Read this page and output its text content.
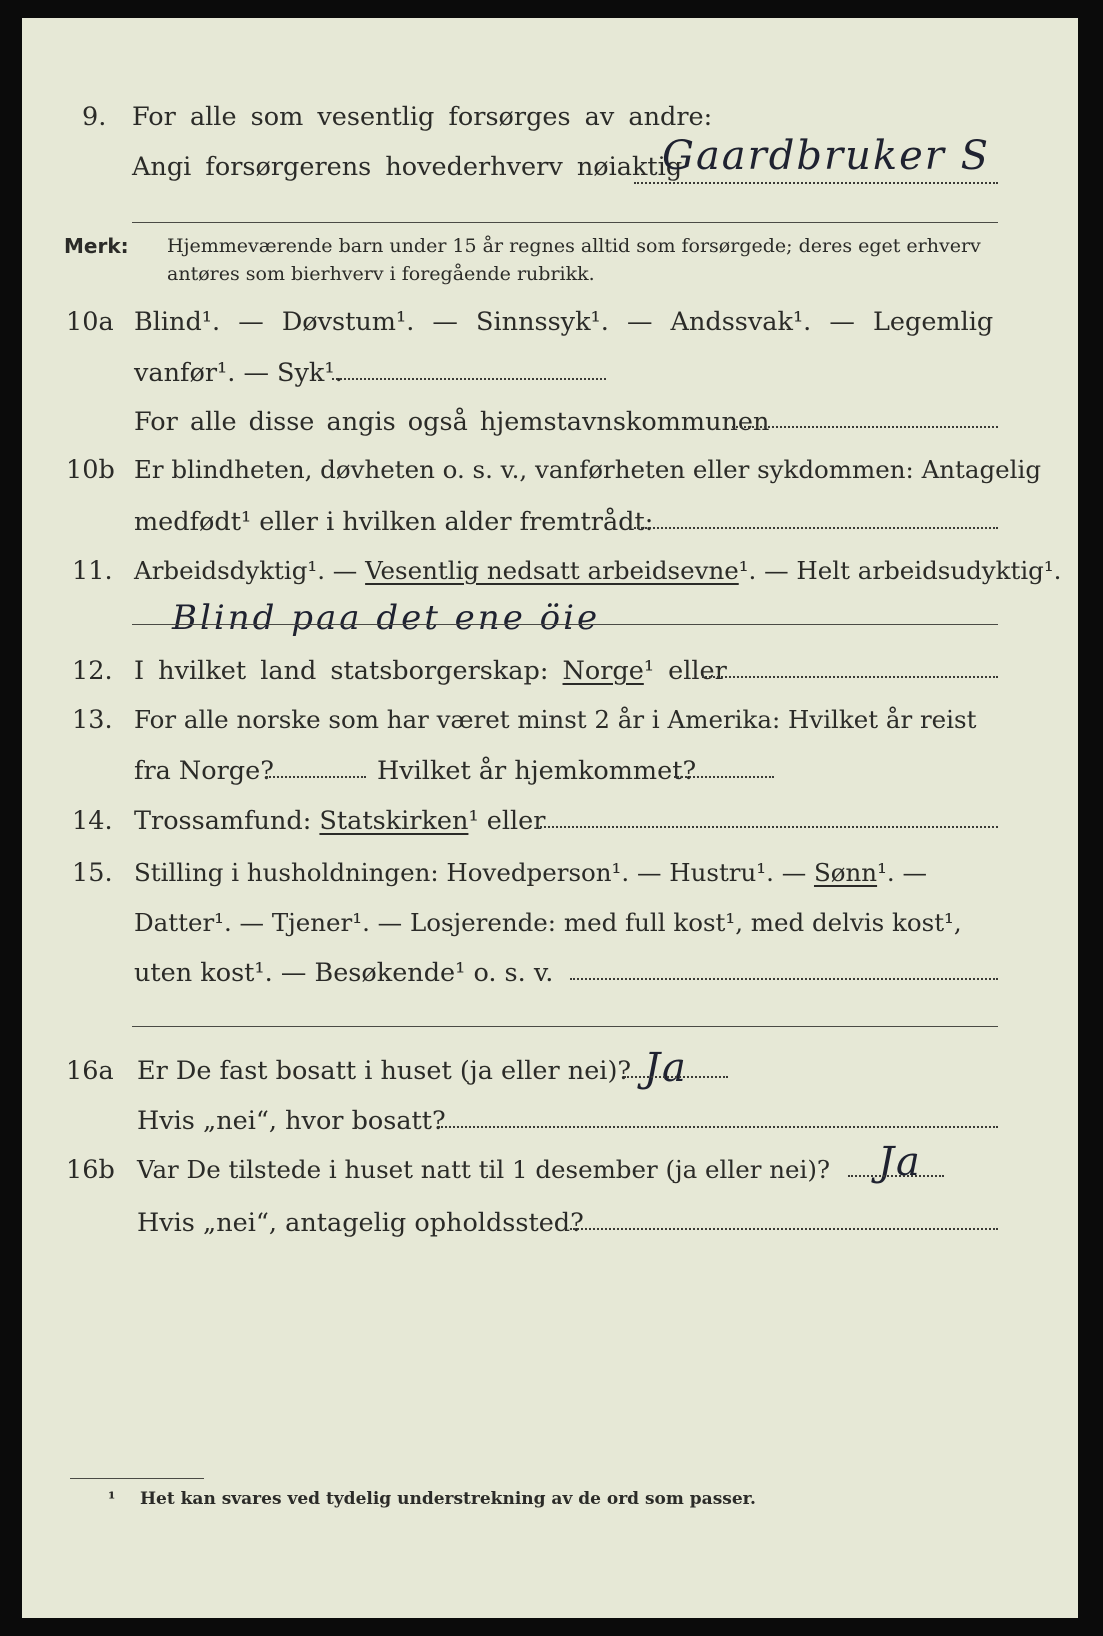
9. For alle som vesentlig forsørges av andre:
Angi forsørgerens hovederhverv nøiaktig
Gaardbruker S
Merk: Hjemmeværende barn under 15 år regnes alltid som forsørgede; deres eget erhverv
antøres som bierhverv i foregående rubrikk.
10a Blind¹. — Døvstum¹. — Sinnssyk¹. — Andssvak¹. — Legemlig
vanfør¹. — Syk¹.
For alle disse angis også hjemstavnskommunen
10b Er blindheten, døvheten o. s. v., vanførheten eller sykdommen: Antagelig
medfødt¹ eller i hvilken alder fremtrådt:
11. Arbeidsdyktig¹. — Vesentlig nedsatt arbeidsevne¹. — Helt arbeidsudyktig¹.
Blind paa det ene öie
12. I hvilket land statsborgerskap: Norge¹ eller
13. For alle norske som har været minst 2 år i Amerika: Hvilket år reist
fra Norge?	Hvilket år hjemkommet?
14. Trossamfund: Statskirken¹ eller
15. Stilling i husholdningen: Hovedperson¹. — Hustru¹. — Sønn¹. —
Datter¹. — Tjener¹. — Losjerende: med full kost¹, med delvis kost¹,
uten kost¹. — Besøkende¹ o. s. v.
16a Er De fast bosatt i huset (ja eller nei)? Ja
Hvis „nei“, hvor bosatt?
16b Var De tilstede i huset natt til 1 desember (ja eller nei)? Ja
Hvis „nei“, antagelig opholdssted?
¹ Het kan svares ved tydelig understrekning av de ord som passer.
